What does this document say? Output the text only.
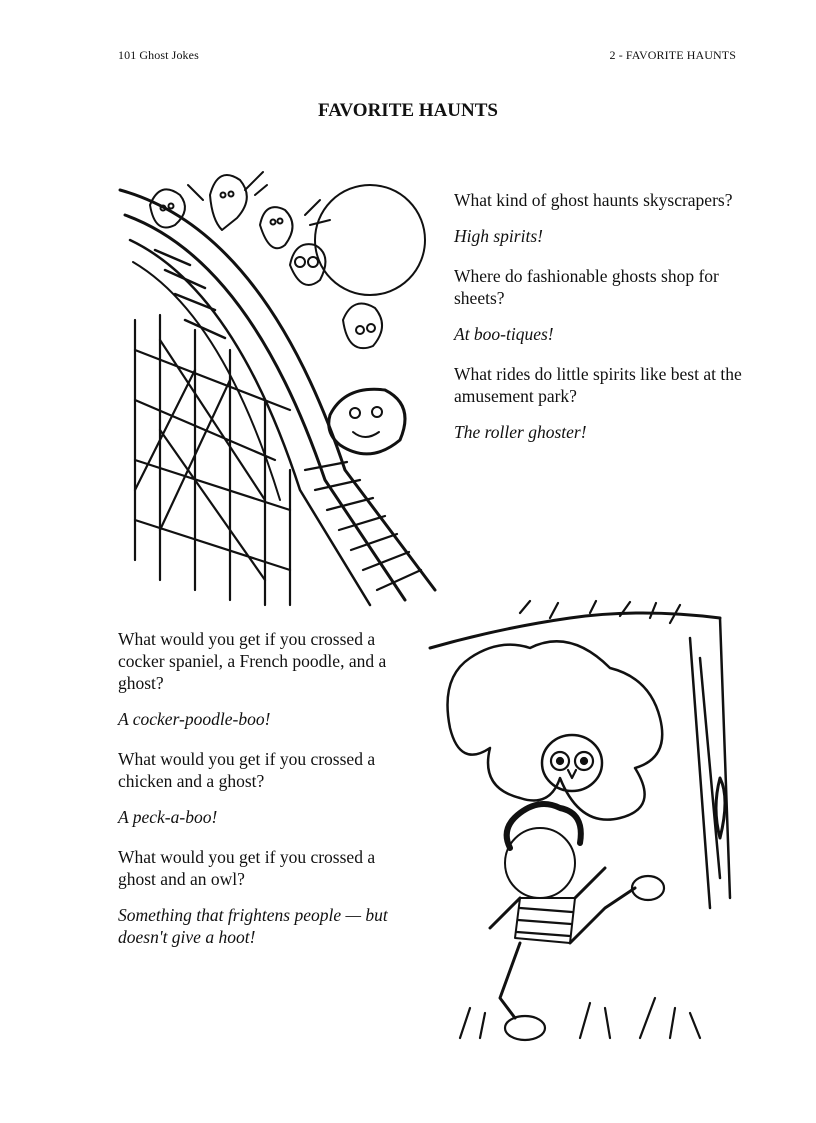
101 Ghost Jokes	2 - FAVORITE HAUNTS
FAVORITE HAUNTS

What kind of ghost haunts skyscrapers?

High spirits!

Where do fashionable ghosts shop for sheets?

At boo-tiques!

What rides do little spirits like best at the amusement park?

The roller ghoster!

What would you get if you crossed a cocker spaniel, a French poodle, and a ghost?

A cocker-poodle-boo!

What would you get if you crossed a chicken and a ghost?

A peck-a-boo!

What would you get if you crossed a ghost and an owl?

Something that frightens people — but doesn't give a hoot!
